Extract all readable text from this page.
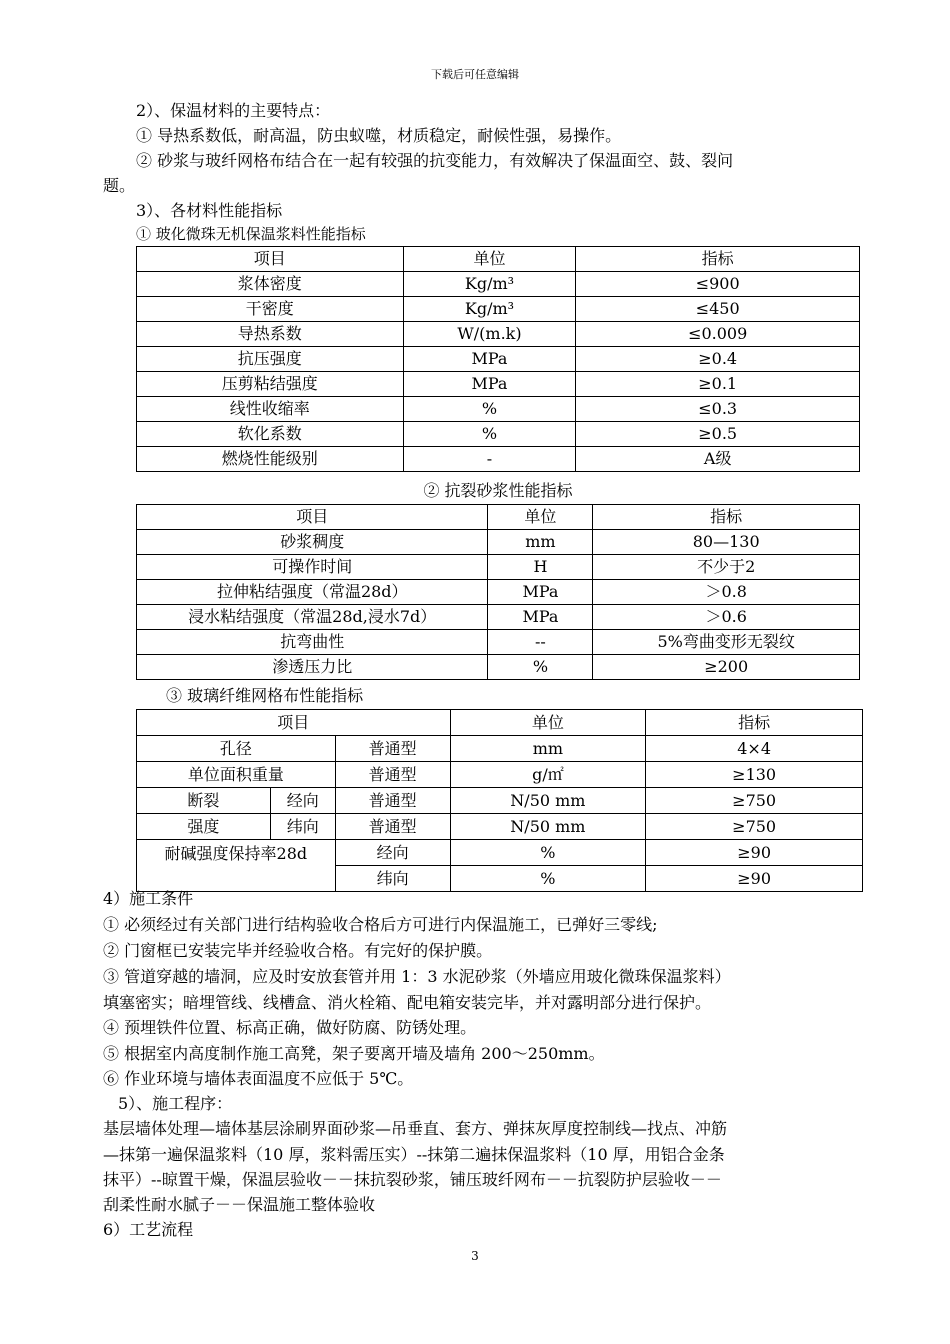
下载后可任意编辑
2）、保温材料的主要特点：
① 导热系数低，耐高温，防虫蚁噬，材质稳定，耐候性强，易操作。
② 砂浆与玻纤网格布结合在一起有较强的抗变能力，有效解决了保温面空、鼓、裂问
题。
3）、各材料性能指标
① 玻化微珠无机保温浆料性能指标
项目	单位	指标
浆体密度	Kg/m³	≤900
干密度	Kg/m³	≤450
导热系数	W/(m.k)	≤0.009
抗压强度	MPa	≥0.4
压剪粘结强度	MPa	≥0.1
线性收缩率	%	≤0.3
软化系数	%	≥0.5
燃烧性能级别	-	A级
② 抗裂砂浆性能指标
项目	单位	指标
砂浆稠度	mm	80—130
可操作时间	H	不少于2
拉伸粘结强度（常温28d）	MPa	＞0.8
浸水粘结强度（常温28d,浸水7d）	MPa	＞0.6
抗弯曲性	--	5%弯曲变形无裂纹
渗透压力比	%	≥200
③ 玻璃纤维网格布性能指标
项目			单位	指标
孔径		普通型	mm	4×4
单位面积重量		普通型	g/㎡	≥130
断裂	经向	普通型	N/50 mm	≥750
强度	纬向	普通型	N/50 mm	≥750
耐碱强度保持率28d		经向	%	≥90
		纬向	%	≥90
4）施工条件
① 必须经过有关部门进行结构验收合格后方可进行内保温施工，已弹好三零线;
② 门窗框已安装完毕并经验收合格。有完好的保护膜。
③ 管道穿越的墙洞，应及时安放套管并用 1：3 水泥砂浆（外墙应用玻化微珠保温浆料）
填塞密实；暗埋管线、线槽盒、消火栓箱、配电箱安装完毕，并对露明部分进行保护。
④ 预埋铁件位置、标高正确，做好防腐、防锈处理。
⑤ 根据室内高度制作施工高凳，架子要离开墙及墙角 200～250mm。
⑥ 作业环境与墙体表面温度不应低于 5℃。
5）、施工程序：
基层墙体处理—墙体基层涂刷界面砂浆—吊垂直、套方、弹抹灰厚度控制线—找点、冲筋
—抹第一遍保温浆料（10 厚，浆料需压实）--抹第二遍抹保温浆料（10 厚，用铝合金条
抹平）--晾置干燥，保温层验收－－抹抗裂砂浆，铺压玻纤网布－－抗裂防护层验收－－
刮柔性耐水腻子－－保温施工整体验收
6）工艺流程
3
